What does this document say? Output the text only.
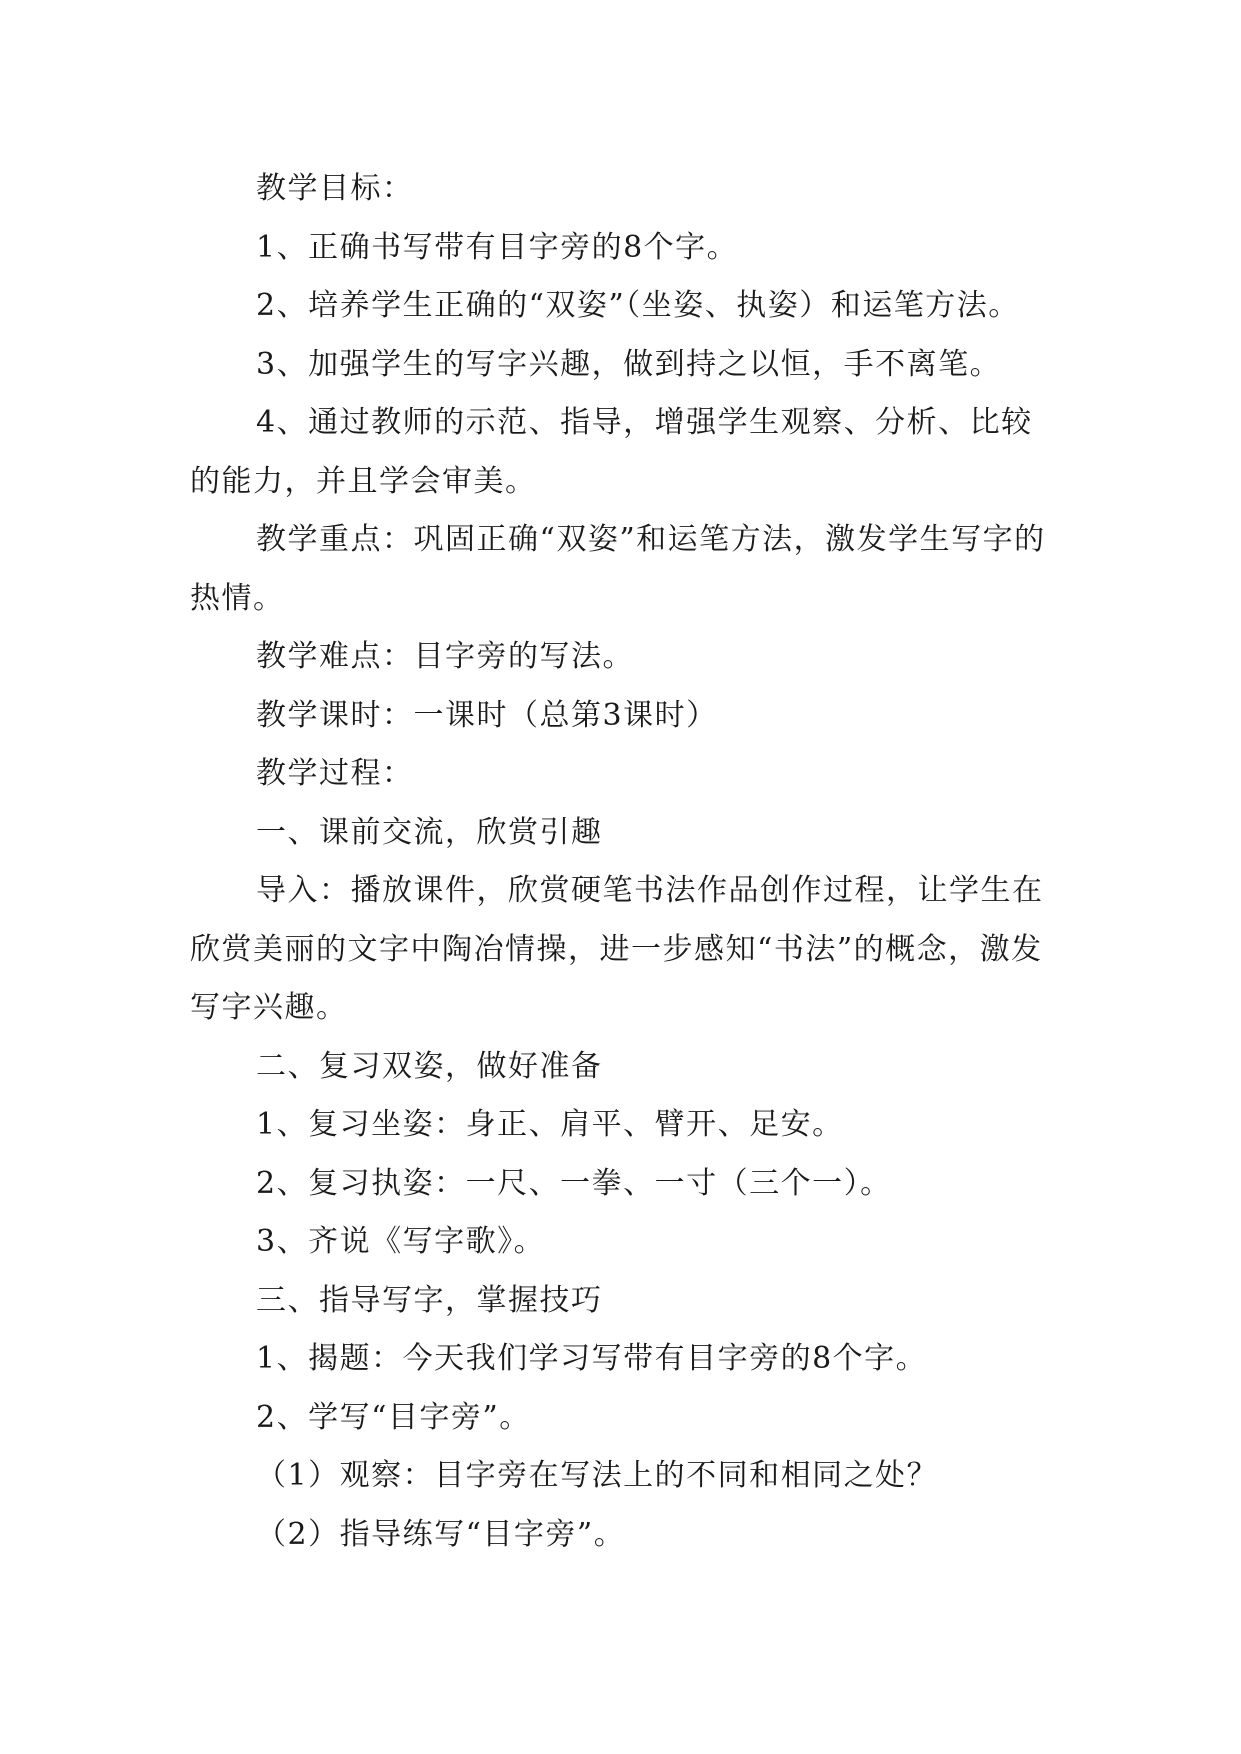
教学目标：

1、正确书写带有目字旁的8个字。

2、培养学生正确的“双姿”（坐姿、执姿）和运笔方法。

3、加强学生的写字兴趣，做到持之以恒，手不离笔。

4、通过教师的示范、指导，增强学生观察、分析、比较的能力，并且学会审美。

教学重点：巩固正确“双姿”和运笔方法，激发学生写字的热情。

教学难点：目字旁的写法。

教学课时：一课时（总第3课时）

教学过程：

一、课前交流，欣赏引趣

导入：播放课件，欣赏硬笔书法作品创作过程，让学生在欣赏美丽的文字中陶冶情操，进一步感知“书法”的概念，激发写字兴趣。

二、复习双姿，做好准备

1、复习坐姿：身正、肩平、臂开、足安。

2、复习执姿：一尺、一拳、一寸（三个一）。

3、齐说《写字歌》。

三、指导写字，掌握技巧

1、揭题：今天我们学习写带有目字旁的8个字。

2、学写“目字旁”。

（1）观察：目字旁在写法上的不同和相同之处？

（2）指导练写“目字旁”。
